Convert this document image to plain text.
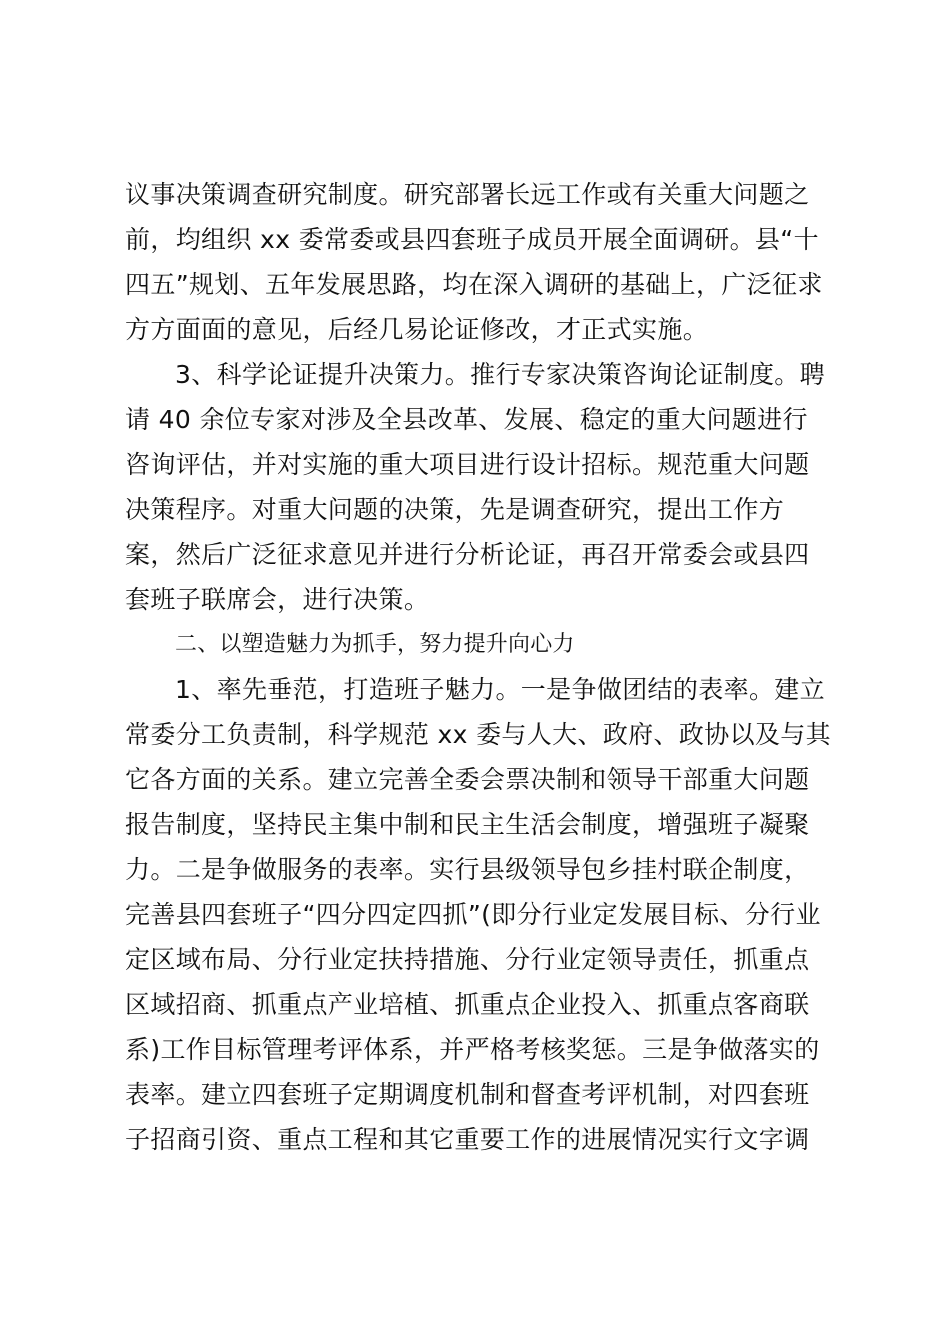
议事决策调查研究制度。研究部署长远工作或有关重大问题之
前，均组织 xx 委常委或县四套班子成员开展全面调研。县“十
四五”规划、五年发展思路，均在深入调研的基础上，广泛征求
方方面面的意见，后经几易论证修改，才正式实施。
3、科学论证提升决策力。推行专家决策咨询论证制度。聘
请 40 余位专家对涉及全县改革、发展、稳定的重大问题进行
咨询评估，并对实施的重大项目进行设计招标。规范重大问题
决策程序。对重大问题的决策，先是调查研究，提出工作方
案，然后广泛征求意见并进行分析论证，再召开常委会或县四
套班子联席会，进行决策。
二、以塑造魅力为抓手，努力提升向心力
1、率先垂范，打造班子魅力。一是争做团结的表率。建立
常委分工负责制，科学规范 xx 委与人大、政府、政协以及与其
它各方面的关系。建立完善全委会票决制和领导干部重大问题
报告制度，坚持民主集中制和民主生活会制度，增强班子凝聚
力。二是争做服务的表率。实行县级领导包乡挂村联企制度，
完善县四套班子“四分四定四抓”(即分行业定发展目标、分行业
定区域布局、分行业定扶持措施、分行业定领导责任，抓重点
区域招商、抓重点产业培植、抓重点企业投入、抓重点客商联
系)工作目标管理考评体系，并严格考核奖惩。三是争做落实的
表率。建立四套班子定期调度机制和督查考评机制，对四套班
子招商引资、重点工程和其它重要工作的进展情况实行文字调
